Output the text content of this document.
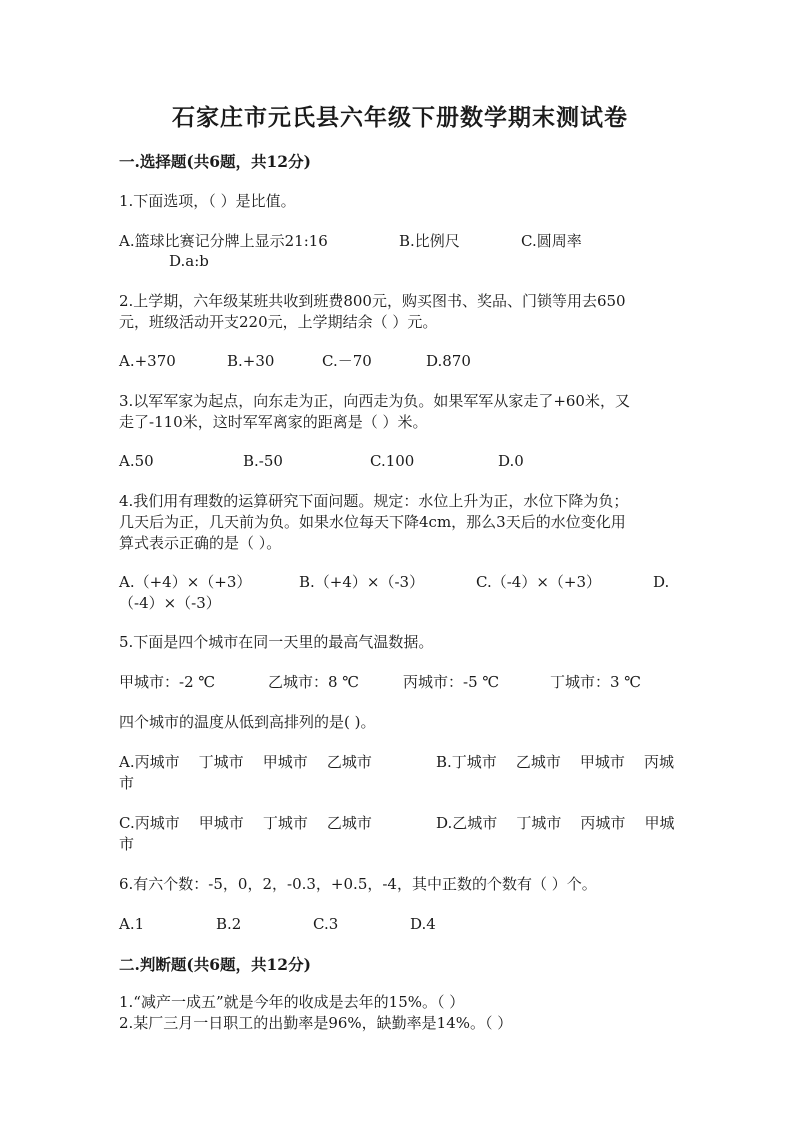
石家庄市元氏县六年级下册数学期末测试卷
一.选择题(共6题，共12分)
1.下面选项，（ ）是比值。
A.篮球比赛记分牌上显示21:16	B.比例尺	C.圆周率
D.a:b
2.上学期，六年级某班共收到班费800元，购买图书、奖品、门锁等用去650
元，班级活动开支220元，上学期结余（ ）元。
A.+370	B.+30	C.－70	D.870
3.以军军家为起点，向东走为正，向西走为负。如果军军从家走了+60米，又
走了-110米，这时军军离家的距离是（ ）米。
A.50	B.-50	C.100	D.0
4.我们用有理数的运算研究下面问题。规定：水位上升为正，水位下降为负；
几天后为正，几天前为负。如果水位每天下降4cm，那么3天后的水位变化用
算式表示正确的是（ ）。
A.（+4）×（+3）	B.（+4）×（-3）	C.（-4）×（+3）	D.
（-4）×（-3）
5.下面是四个城市在同一天里的最高气温数据。
甲城市：-2 ℃	乙城市：8 ℃	丙城市：-5 ℃	丁城市：3 ℃
四个城市的温度从低到高排列的是( )。
A.丙城市    丁城市    甲城市    乙城市	B.丁城市    乙城市    甲城市    丙城
市
C.丙城市    甲城市    丁城市    乙城市	D.乙城市    丁城市    丙城市    甲城
市
6.有六个数：-5，0，2，-0.3，+0.5，-4，其中正数的个数有（ ）个。
A.1	B.2	C.3	D.4
二.判断题(共6题，共12分)
1.“减产一成五”就是今年的收成是去年的15%。（ ）
2.某厂三月一日职工的出勤率是96%，缺勤率是14%。（ ）
